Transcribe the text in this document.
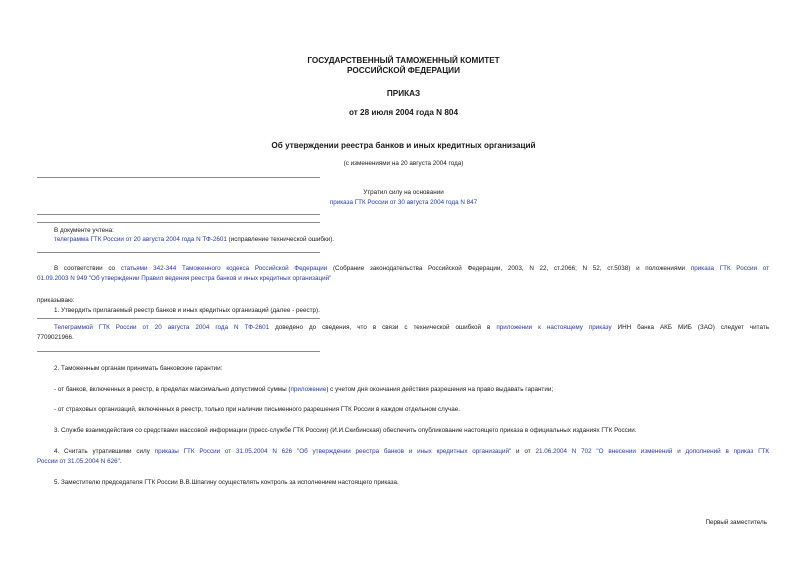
ГОСУДАРСТВЕННЫЙ ТАМОЖЕННЫЙ КОМИТЕТ
РОССИЙСКОЙ ФЕДЕРАЦИИ
ПРИКАЗ
от 28 июля 2004 года N 804
Об утверждении реестра банков и иных кредитных организаций
(с изменениями на 20 августа 2004 года)
Утратил силу на основании
приказа ГТК России от 30 августа 2004 года N 847
В документе учтена:
телеграмма ГТК России от 20 августа 2004 года N ТФ-2601 (исправление технической ошибки).
В соответствии со статьями 342-344 Таможенного кодекса Российской Федерации (Собрание законодательства Российской Федерации, 2003, N 22, ст.2066; N 52, ст.5038) и положениями приказа ГТК России от
01.09.2003 N 949 "Об утверждении Правил ведения реестра банков и иных кредитных организаций"
приказываю:
1. Утвердить прилагаемый реестр банков и иных кредитных организаций (далее - реестр).
Телеграммой ГТК России от 20 августа 2004 года N ТФ-2601 доведено до сведения, что в связи с технической ошибкой в приложении к настоящему приказу ИНН банка АКБ МИБ (ЗАО) следует читать
7709021966.
2. Таможенным органам принимать банковские гарантии:
- от банков, включенных в реестр, в пределах максимально допустимой суммы (приложение) с учетом дня окончания действия разрешения на право выдавать гарантии;
- от страховых организаций, включенных в реестр, только при наличии письменного разрешения ГТК России в каждом отдельном случае.
3. Службе взаимодействия со средствами массовой информации (пресс-службе ГТК России) (И.И.Скибинская) обеспечить опубликование настоящего приказа в официальных изданиях ГТК России.
4. Считать утратившими силу приказы ГТК России от 31.05.2004 N 626 "Об утверждении реестра банков и иных кредитных организаций" и от 21.06.2004 N 702 "О внесении изменений и дополнений в приказ ГТК
России от 31.05.2004 N 626".
5. Заместителю председателя ГТК России В.В.Шпагину осуществлять контроль за исполнением настоящего приказа.
Первый заместитель
